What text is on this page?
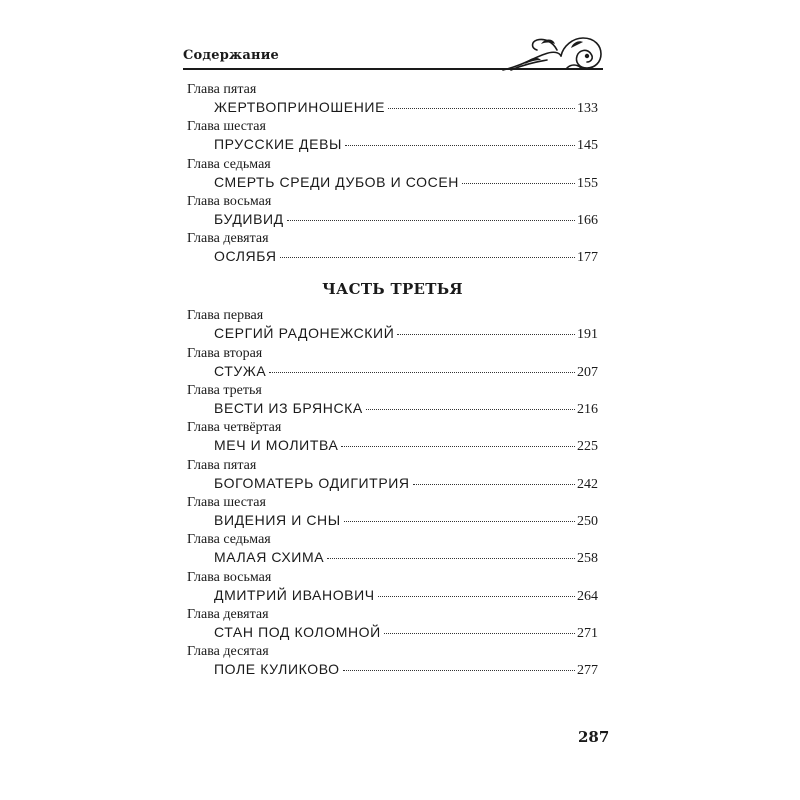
Содержание
Глава пятая
ЖЕРТВОПРИНОШЕНИЕ	133
Глава шестая
ПРУССКИЕ ДЕВЫ	145
Глава седьмая
СМЕРТЬ СРЕДИ ДУБОВ И СОСЕН	155
Глава восьмая
БУДИВИД	166
Глава девятая
ОСЛЯБЯ	177
ЧАСТЬ ТРЕТЬЯ
Глава первая
СЕРГИЙ РАДОНЕЖСКИЙ	191
Глава вторая
СТУЖА	207
Глава третья
ВЕСТИ ИЗ БРЯНСКА	216
Глава четвёртая
МЕЧ И МОЛИТВА	225
Глава пятая
БОГОМАТЕРЬ ОДИГИТРИЯ	242
Глава шестая
ВИДЕНИЯ И СНЫ	250
Глава седьмая
МАЛАЯ СХИМА	258
Глава восьмая
ДМИТРИЙ ИВАНОВИЧ	264
Глава девятая
СТАН ПОД КОЛОМНОЙ	271
Глава десятая
ПОЛЕ КУЛИКОВО	277
287
